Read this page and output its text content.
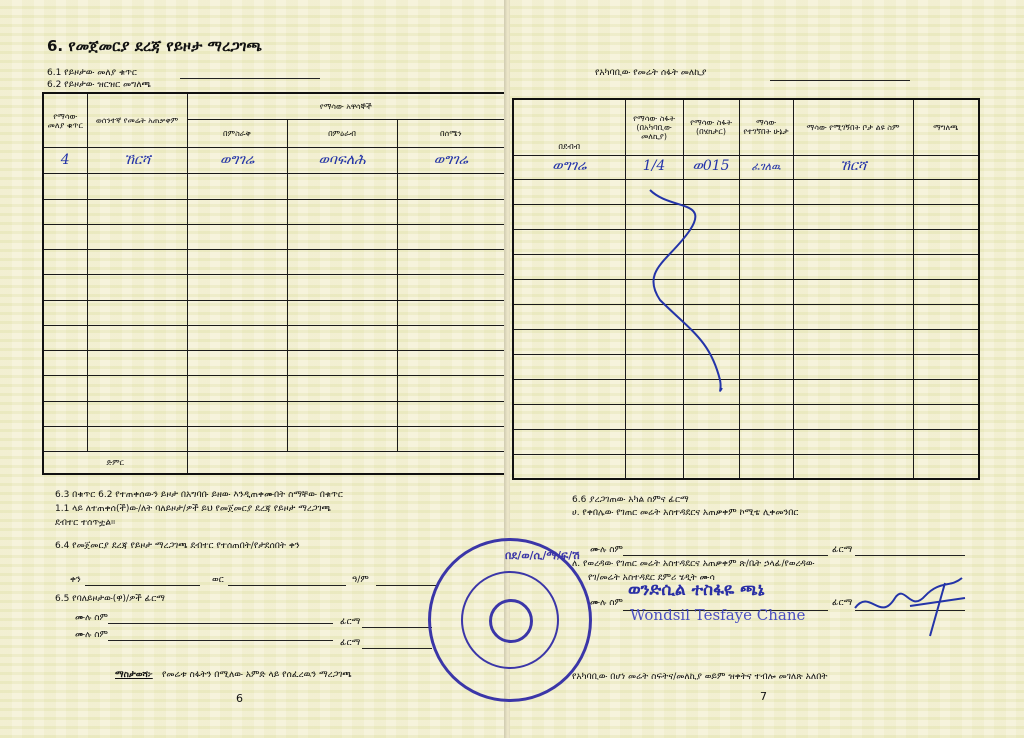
6. የመጀመርያ ደረጃ የይዞታ ማረጋገጫ
6.1 የይዞታው መለያ ቁጥር
6.2 የይዞታው ዝርዝር መግለጫ
የማሳው መለያ ቁጥር	ወሰንተኛ የመሬት አጠቃቀም	የማሳው አዋሳኞች		
		በምስራቅ	በምዕራብ	በሰሜን
4	ኸርሻ	ወግገሬ	ወባፍለሕ	ወግገሬ

ድምር				
6.3 በቁጥር 6.2 የተጠቀሰውን ይዞታ በአግባቡ ይዘው እንዲጠቀሙበት ስማቸው በቁጥር
1.1 ላይ ለተጠቀሰ(ች)ው/ለት ባለይዞታ/ዎች ይህ የመጀመርያ ደረጃ የይዞታ ማረጋገጫ
ደብተር ተሰጥቷል።
6.4 የመጀመርያ ደረጃ የይዞታ ማረጋገጫ ደብተር የተሰጠበት/የታደሰበት ቀን
ቀን	ወር	ዓ/ም
6.5 የባለይዞታው(ዋ)/ዎች ፊርማ
ሙሉ ስም	ፊርማ
ሙሉ ስም
ፊርማ
ማስታወሻ፦ የመሬቱ ስፋትን በሚለው አምድ ላይ የሰፈረዉን ማረጋገጫ
6
የአካባቢው የመሬት ሰፋት መለኪያ
በደብብ	የማሳው ስፋት (በአካባቢው መለኪያ)	የማሳው ስፋት (በሄክታር)	ማሳው የተገኘበት ሁኔታ	ማሳው የሚገኝበት ቦታ ልዩ ስም	ማግለጫ
ወግገሬ	1/4	ወ015	ፈገለዉ	ኸርሻ	

6.6 ያረጋገጠው አካል ስምና ፊርማ
ሀ. የቀበሌው የገጠር መሬት አስተዳደርና አጠቃቀም ኮሚቴ ሊቀመንበር
ሙሉ ስም	ፊርማ
ለ. የወረዳው የገጠር መሬት አስተዳደርና አጠቃቀም ጽ/ቤት ኃላፊ/የወረዳው
የገ/መሬት አስተዳደር ደምሪ ሄዲት ሙሳ
ሙሉ ስም	ፊርማ
ወንድሲል ተስፋዬ ጫኔ
Wondsil Tesfaye Chane
የአካባቢው በሆነ መሬት ስፍትና/መለኪያ ወይም ዝቀትና ተብሎ መገለጽ አለበት
7
በደ/ወ/ሲ/ማ/ፍ/ሽ
